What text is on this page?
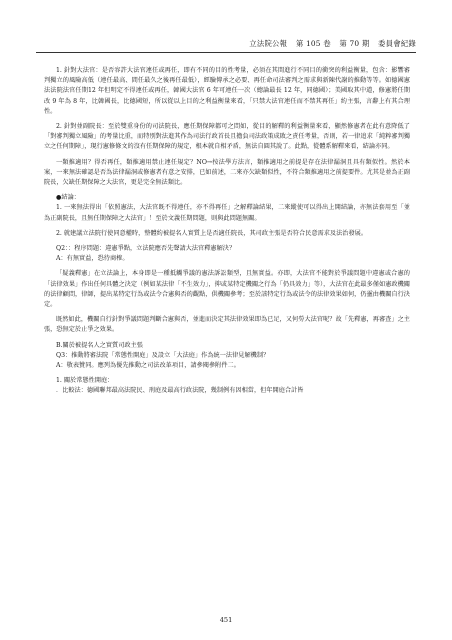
立法院公報 第 105 卷 第 70 期 委員會紀錄

1. 針對大法官：是否容許大法官連任或再任，即有不同的目的性考量，必須在其間進行不同目的衝突的利益衡量，包含：影響審判獨立的風險高低（連任最高、間任最久之後再任最低），經驗傳承之必要、再任命司法審判之需求與新陳代謝的推動等等。如德國憲法法院法官任期12 年但明定不得連任或再任，韓國大法官 6 年可連任一次（總論最長 12 年，同德國）；美國取其中道，修憲將任期改 9 年為 8 年，比韓國長，比德國短，所以從以上目的之利益衡量來看，「只禁大法官連任而不禁其再任」約主張，言辭上有其合理性。

2. 針對並副院長：至於雙重身份的司法院長，應任期保障都可之問如，從目的解釋的利益衡量來看，顯然修憲者在此有意降低了「對審判獨立風險」的考量比重，而特別對法進其作為司法行政首長且擔負司法政策成敗之責任考量，否則，若一律追求「純粹審判獨立之任何期障」，現行憲修條文的沒有任期保障的規定，根本就自相矛盾，無法自圓其說了。此點，從體系解釋來看，結論亦同。

一類推適用？得否再任，類推適用禁止連任規定？NO→按法學方法言，類推適用之前提是存在法律漏洞且具有類似性。然於本案，一來無法確認是否為法律漏洞或修憲者有意之安排，已如前述，二來亦欠缺類似性，不符合類推適用之前提要件。尤其是並為正副院長，欠缺任期保障之大法官，更是完全無法類比。

●結論：

1. 一來無法得出「依照憲法，大法官既不得連任，亦不得再任」之解釋論結果，二來縱使可以得出上開結論，亦無法套用至「並為正副院長，且無任期保障之大法官」！至於文義任期問題，則與此問題無關。

2. 就建議立法院行使同意權時，整體約被提名人實質上是否適任院長，其司政主張是否符合民意需求及法治發展。

Q2：：程序問題：違憲爭點，立法院應否先聲請大法官釋憲解決？

A：有無實益，恐待商榷。

「疑義釋憲」在立法論上，本身即是一種抵觸爭議的憲法訴訟類型，且無實益。亦即，大法官不能對於爭議問題中違憲或合憲的「法律效果」作出任何具體之決定（例如某法律「不生效力」，抑或某特定機關之行為「仍具效力」等），大法官在此最多僅如憲政機關的法律顧問，律師，提出某特定行為或法令合憲與否的觀點，供機關參考；至於該特定行為或法令的法律效果如何，仍靈由機關自行決定。

既然如此，機關自行針對爭議問題判斷合憲與否，並進而決定其法律效果即為已足，又何勞大法官呢？故「先釋憲，再審查」之主張，恐無定於止爭之效果。

B.關於被提名人之實質司政主張

Q3：推動將審法院「常態性開庭」及設立「大法庭」作為統一法律見解機制？

A：敬表贊同。應列為優先推動之司法改革項目，請參閱參附件二。

1. 關於常態性開庭：

．比較法：德國聯邦最高法院民、刑庭及最高行政法院，幾制例有因相當，但年開庭合計皆

451
